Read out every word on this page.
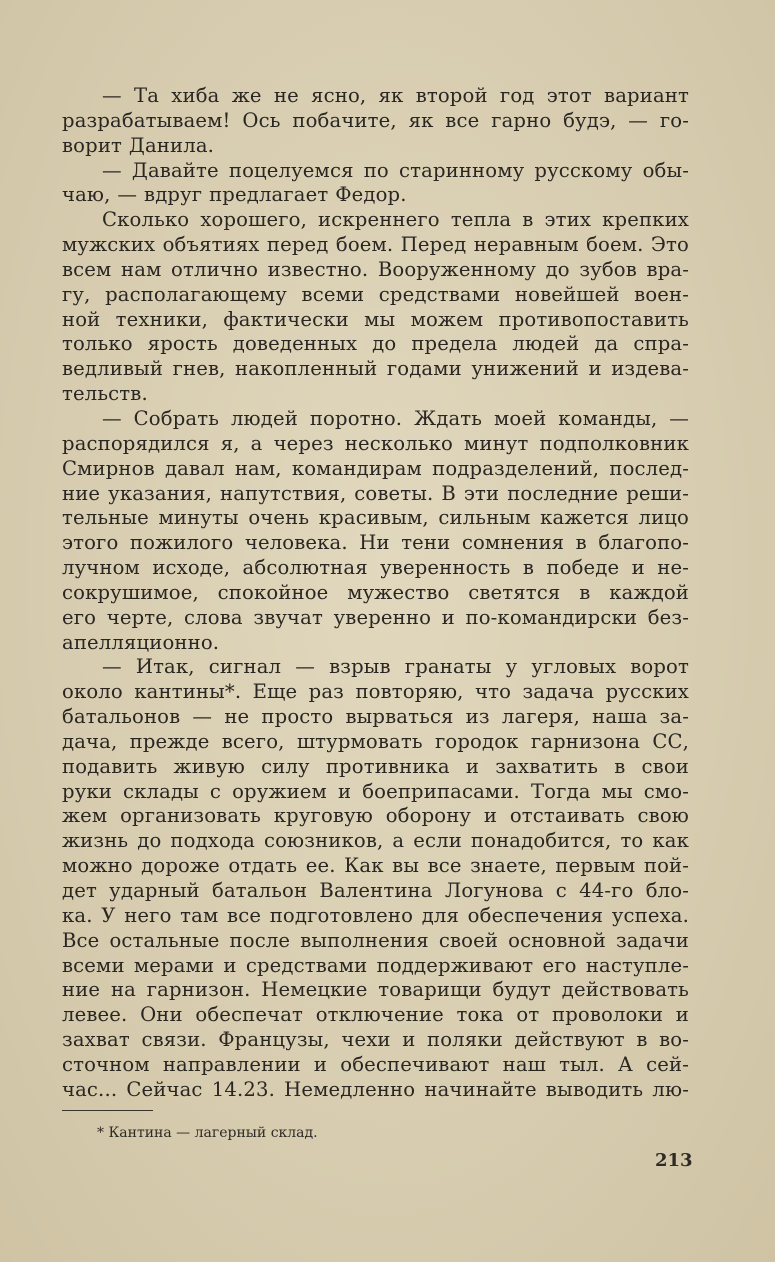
— Та хиба же не ясно, як второй год этот вариант
разрабатываем! Ось побачите, як все гарно будэ, — го-
ворит Данила.
— Давайте поцелуемся по старинному русскому обы-
чаю, — вдруг предлагает Федор.
Сколько хорошего, искреннего тепла в этих крепких
мужских объятиях перед боем. Перед неравным боем. Это
всем нам отлично известно. Вооруженному до зубов вра-
гу, располагающему всеми средствами новейшей воен-
ной техники, фактически мы можем противопоставить
только ярость доведенных до предела людей да спра-
ведливый гнев, накопленный годами унижений и издева-
тельств.
— Собрать людей поротно. Ждать моей команды, —
распорядился я, а через несколько минут подполковник
Смирнов давал нам, командирам подразделений, послед-
ние указания, напутствия, советы. В эти последние реши-
тельные минуты очень красивым, сильным кажется лицо
этого пожилого человека. Ни тени сомнения в благопо-
лучном исходе, абсолютная уверенность в победе и не-
сокрушимое, спокойное мужество светятся в каждой
его черте, слова звучат уверенно и по-командирски без-
апелляционно.
— Итак, сигнал — взрыв гранаты у угловых ворот
около кантины*. Еще раз повторяю, что задача русских
батальонов — не просто вырваться из лагеря, наша за-
дача, прежде всего, штурмовать городок гарнизона СС,
подавить живую силу противника и захватить в свои
руки склады с оружием и боеприпасами. Тогда мы смо-
жем организовать круговую оборону и отстаивать свою
жизнь до подхода союзников, а если понадобится, то как
можно дороже отдать ее. Как вы все знаете, первым пой-
дет ударный батальон Валентина Логунова с 44-го бло-
ка. У него там все подготовлено для обеспечения успеха.
Все остальные после выполнения своей основной задачи
всеми мерами и средствами поддерживают его наступле-
ние на гарнизон. Немецкие товарищи будут действовать
левее. Они обеспечат отключение тока от проволоки и
захват связи. Французы, чехи и поляки действуют в во-
сточном направлении и обеспечивают наш тыл. А сей-
час... Сейчас 14.23. Немедленно начинайте выводить лю-
* Кантина — лагерный склад.
213
